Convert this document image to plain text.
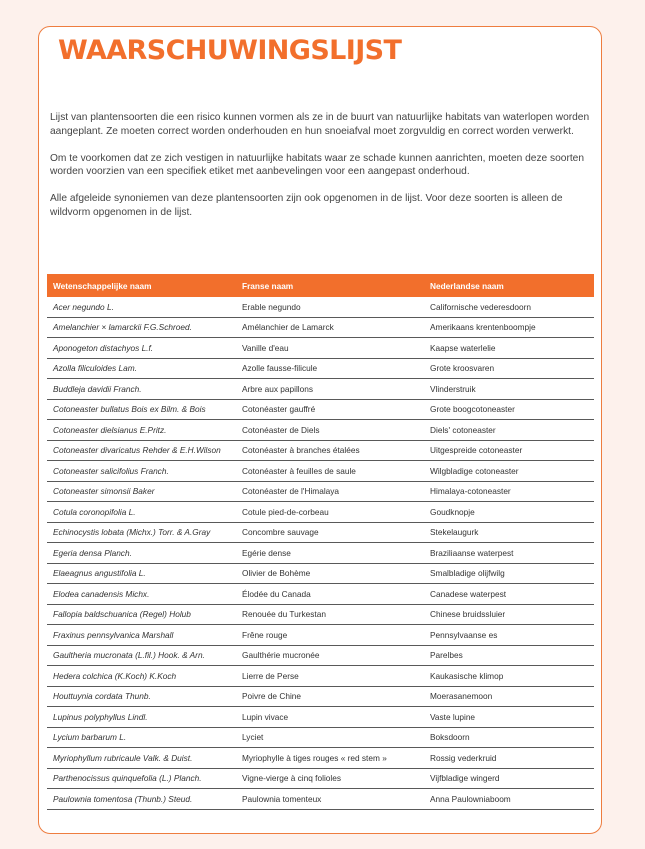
WAARSCHUWINGSLIJST

Lijst van plantensoorten die een risico kunnen vormen als ze in de buurt van natuurlijke habitats van waterlopen worden aangeplant. Ze moeten correct worden onderhouden en hun snoeiafval moet zorgvuldig en correct worden verwerkt.

Om te voorkomen dat ze zich vestigen in natuurlijke habitats waar ze schade kunnen aanrichten, moeten deze soorten worden voorzien van een specifiek etiket met aanbevelingen voor een aangepast onderhoud.

Alle afgeleide synoniemen van deze plantensoorten zijn ook opgenomen in de lijst. Voor deze soorten is alleen de wildvorm opgenomen in de lijst.

Wetenschappelijke naam	Franse naam	Nederlandse naam
Acer negundo L.	Erable negundo	Californische vederesdoorn
Amelanchier × lamarckii F.G.Schroed.	Amélanchier de Lamarck	Amerikaans krentenboompje
Aponogeton distachyos L.f.	Vanille d'eau	Kaapse waterlelie
Azolla filiculoides Lam.	Azolle fausse-filicule	Grote kroosvaren
Buddleja davidii Franch.	Arbre aux papillons	Vlinderstruik
Cotoneaster bullatus Bois ex Bilm. & Bois	Cotonéaster gauffré	Grote boogcotoneaster
Cotoneaster dielsianus E.Pritz.	Cotonéaster de Diels	Diels' cotoneaster
Cotoneaster divaricatus Rehder & E.H.Wilson	Cotonéaster à branches étalées	Uitgespreide cotoneaster
Cotoneaster salicifolius Franch.	Cotonéaster à feuilles de saule	Wilgbladige cotoneaster
Cotoneaster simonsii Baker	Cotonéaster de l'Himalaya	Himalaya-cotoneaster
Cotula coronopifolia L.	Cotule pied-de-corbeau	Goudknopje
Echinocystis lobata (Michx.) Torr. & A.Gray	Concombre sauvage	Stekelaugurk
Egeria densa Planch.	Egérie dense	Braziliaanse waterpest
Elaeagnus angustifolia L.	Olivier de Bohème	Smalbladige olijfwilg
Elodea canadensis Michx.	Élodée du Canada	Canadese waterpest
Fallopia baldschuanica (Regel) Holub	Renouée du Turkestan	Chinese bruidssluier
Fraxinus pennsylvanica Marshall	Frêne rouge	Pennsylvaanse es
Gaultheria mucronata (L.fil.) Hook. & Arn.	Gaulthérie mucronée	Parelbes
Hedera colchica (K.Koch) K.Koch	Lierre de Perse	Kaukasische klimop
Houttuynia cordata Thunb.	Poivre de Chine	Moerasanemoon
Lupinus polyphyllus Lindl.	Lupin vivace	Vaste lupine
Lycium barbarum L.	Lyciet	Boksdoorn
Myriophyllum rubricaule Valk. & Duist.	Myriophylle à tiges rouges « red stem »	Rossig vederkruid
Parthenocissus quinquefolia (L.) Planch.	Vigne-vierge à cinq folioles	Vijfbladige wingerd
Paulownia tomentosa (Thunb.) Steud.	Paulownia tomenteux	Anna Paulowniaboom
